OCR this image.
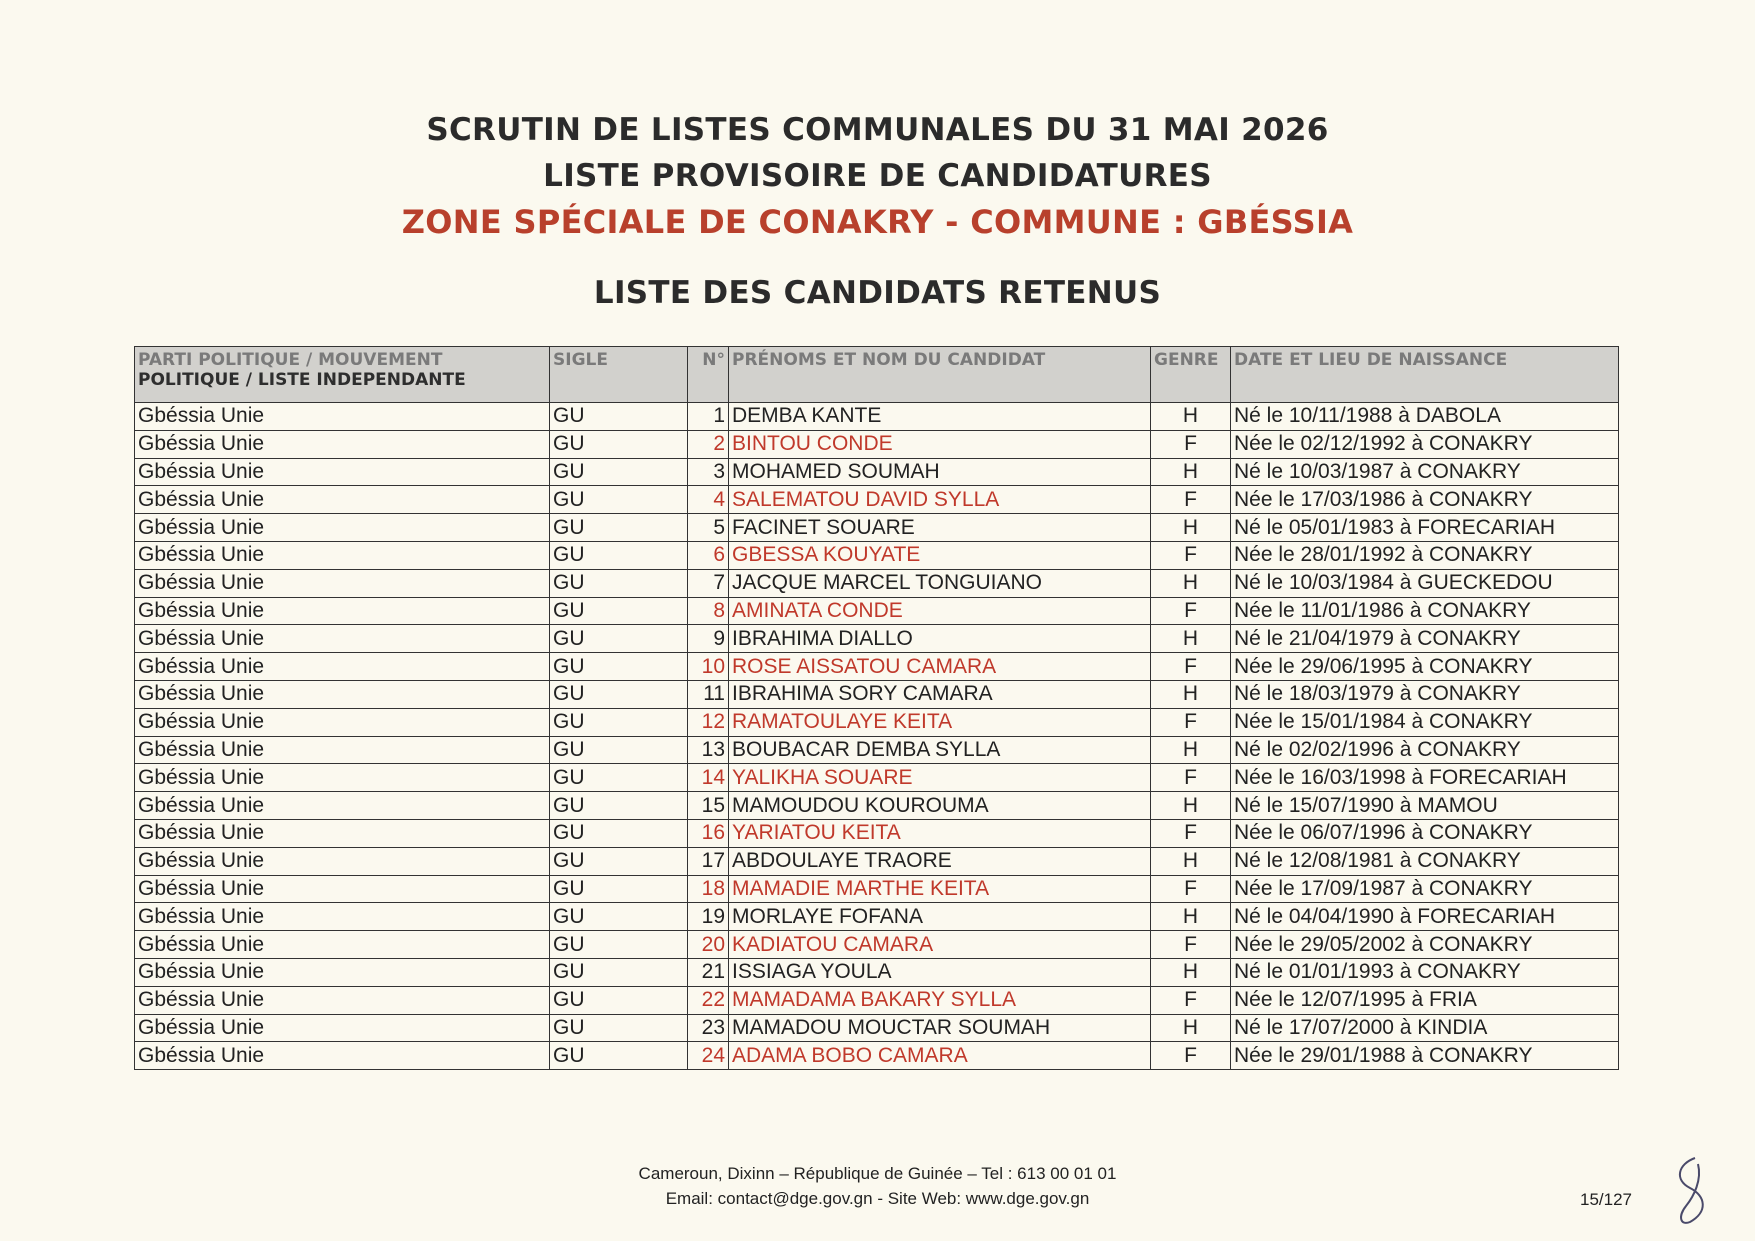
SCRUTIN DE LISTES COMMUNALES DU 31 MAI 2026
LISTE PROVISOIRE DE CANDIDATURES
ZONE SPÉCIALE DE CONAKRY - COMMUNE : GBÉSSIA
LISTE DES CANDIDATS RETENUS
PARTI POLITIQUE / MOUVEMENT
POLITIQUE / LISTE INDEPENDANTE	SIGLE	N°	PRÉNOMS ET NOM DU CANDIDAT	GENRE	DATE ET LIEU DE NAISSANCE
Gbéssia Unie	GU	1	DEMBA KANTE	H	Né le 10/11/1988 à DABOLA
Gbéssia Unie	GU	2	BINTOU CONDE	F	Née le 02/12/1992 à CONAKRY
Gbéssia Unie	GU	3	MOHAMED SOUMAH	H	Né le 10/03/1987 à CONAKRY
Gbéssia Unie	GU	4	SALEMATOU DAVID SYLLA	F	Née le 17/03/1986 à CONAKRY
Gbéssia Unie	GU	5	FACINET SOUARE	H	Né le 05/01/1983 à FORECARIAH
Gbéssia Unie	GU	6	GBESSA KOUYATE	F	Née le 28/01/1992 à CONAKRY
Gbéssia Unie	GU	7	JACQUE MARCEL TONGUIANO	H	Né le 10/03/1984 à GUECKEDOU
Gbéssia Unie	GU	8	AMINATA CONDE	F	Née le 11/01/1986 à CONAKRY
Gbéssia Unie	GU	9	IBRAHIMA DIALLO	H	Né le 21/04/1979 à CONAKRY
Gbéssia Unie	GU	10	ROSE AISSATOU CAMARA	F	Née le 29/06/1995 à CONAKRY
Gbéssia Unie	GU	11	IBRAHIMA SORY CAMARA	H	Né le 18/03/1979 à CONAKRY
Gbéssia Unie	GU	12	RAMATOULAYE KEITA	F	Née le 15/01/1984 à CONAKRY
Gbéssia Unie	GU	13	BOUBACAR DEMBA SYLLA	H	Né le 02/02/1996 à CONAKRY
Gbéssia Unie	GU	14	YALIKHA SOUARE	F	Née le 16/03/1998 à FORECARIAH
Gbéssia Unie	GU	15	MAMOUDOU KOUROUMA	H	Né le 15/07/1990 à MAMOU
Gbéssia Unie	GU	16	YARIATOU KEITA	F	Née le 06/07/1996 à CONAKRY
Gbéssia Unie	GU	17	ABDOULAYE TRAORE	H	Né le 12/08/1981 à CONAKRY
Gbéssia Unie	GU	18	MAMADIE MARTHE KEITA	F	Née le 17/09/1987 à CONAKRY
Gbéssia Unie	GU	19	MORLAYE FOFANA	H	Né le 04/04/1990 à FORECARIAH
Gbéssia Unie	GU	20	KADIATOU CAMARA	F	Née le 29/05/2002 à CONAKRY
Gbéssia Unie	GU	21	ISSIAGA YOULA	H	Né le 01/01/1993 à CONAKRY
Gbéssia Unie	GU	22	MAMADAMA BAKARY SYLLA	F	Née le 12/07/1995 à FRIA
Gbéssia Unie	GU	23	MAMADOU MOUCTAR SOUMAH	H	Né le 17/07/2000 à KINDIA
Gbéssia Unie	GU	24	ADAMA BOBO CAMARA	F	Née le 29/01/1988 à CONAKRY
Cameroun, Dixinn – République de Guinée – Tel : 613 00 01 01
Email: contact@dge.gov.gn - Site Web: www.dge.gov.gn	15/127
